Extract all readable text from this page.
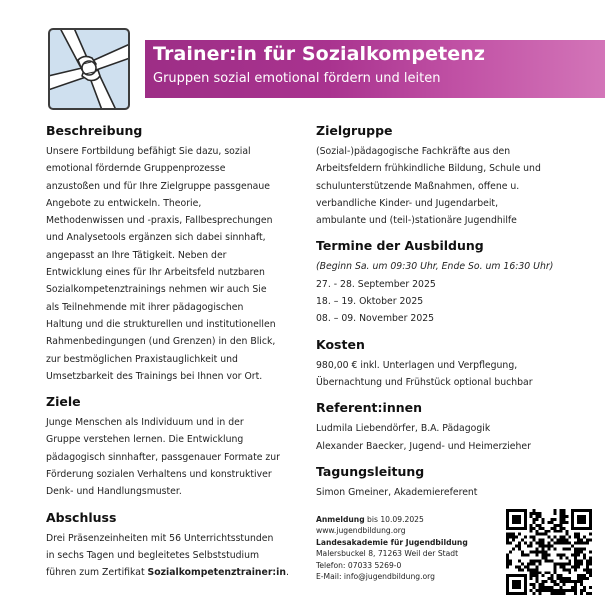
Trainer:in für Sozialkompetenz
Gruppen sozial emotional fördern und leiten
Beschreibung

Unsere Fortbildung befähigt Sie dazu, sozial
emotional fördernde Gruppenprozesse
anzustoßen und für Ihre Zielgruppe passgenaue
Angebote zu entwickeln. Theorie,
Methodenwissen und -praxis, Fallbesprechungen
und Analysetools ergänzen sich dabei sinnhaft,
angepasst an Ihre Tätigkeit. Neben der
Entwicklung eines für Ihr Arbeitsfeld nutzbaren
Sozialkompetenztrainings nehmen wir auch Sie
als Teilnehmende mit ihrer pädagogischen
Haltung und die strukturellen und institutionellen
Rahmenbedingungen (und Grenzen) in den Blick,
zur bestmöglichen Praxistauglichkeit und
Umsetzbarkeit des Trainings bei Ihnen vor Ort.

Ziele

Junge Menschen als Individuum und in der
Gruppe verstehen lernen. Die Entwicklung
pädagogisch sinnhafter, passgenauer Formate zur
Förderung sozialen Verhaltens und konstruktiver
Denk- und Handlungsmuster.

Abschluss

Drei Präsenzeinheiten mit 56 Unterrichtsstunden
in sechs Tagen und begleitetes Selbststudium
führen zum Zertifikat Sozialkompetenztrainer:in.

Zielgruppe

(Sozial-)pädagogische Fachkräfte aus den
Arbeitsfeldern frühkindliche Bildung, Schule und
schulunterstützende Maßnahmen, offene u.
verbandliche Kinder- und Jugendarbeit,
ambulante und (teil-)stationäre Jugendhilfe

Termine der Ausbildung

(Beginn Sa. um 09:30 Uhr, Ende So. um 16:30 Uhr)
27. - 28. September 2025
18. – 19. Oktober 2025
08. – 09. November 2025

Kosten

980,00 € inkl. Unterlagen und Verpflegung,
Übernachtung und Frühstück optional buchbar

Referent:innen

Ludmila Liebendörfer, B.A. Pädagogik
Alexander Baecker, Jugend- und Heimerzieher

Tagungsleitung

Simon Gmeiner, Akademiereferent

Anmeldung bis 10.09.2025
www.jugendbildung.org
Landesakademie für Jugendbildung
Malersbuckel 8, 71263 Weil der Stadt
Telefon: 07033 5269-0
E-Mail: info@jugendbildung.org
